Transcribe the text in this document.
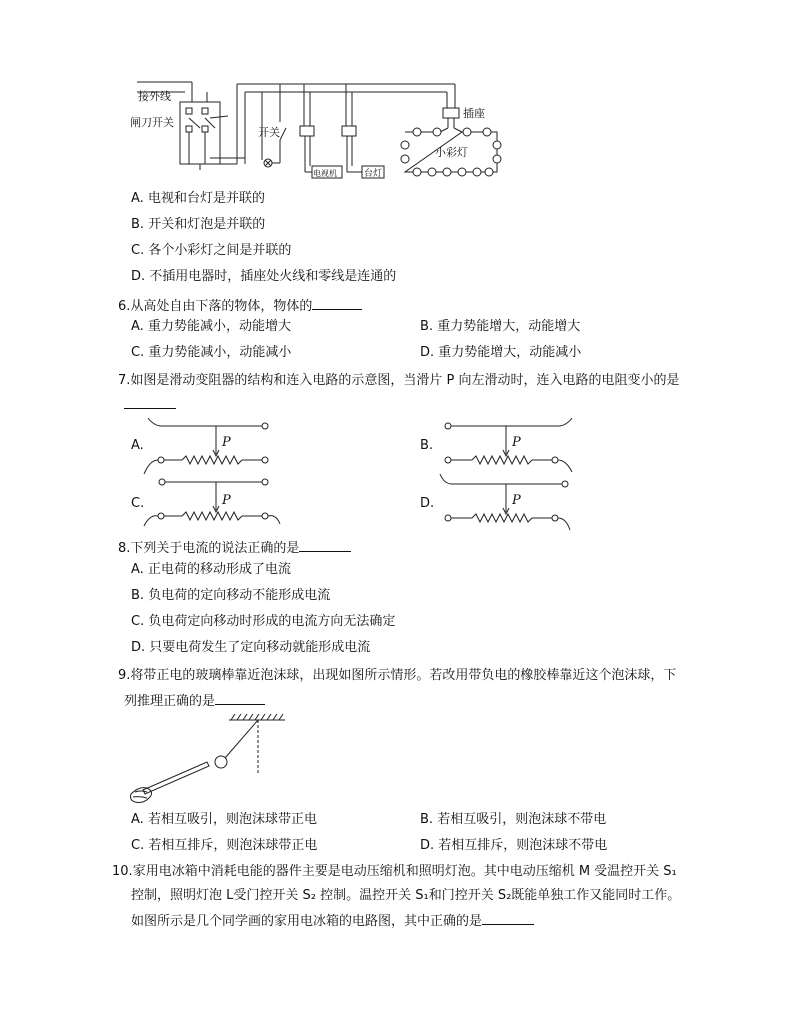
接外线
闸刀开关
开关
电视机	台灯
插座
小彩灯
A. 电视和台灯是并联的
B. 开关和灯泡是并联的
C. 各个小彩灯之间是并联的
D. 不插用电器时，插座处火线和零线是连通的
6.从高处自由下落的物体，物体的
A. 重力势能减小，动能增大	B. 重力势能增大，动能增大
C. 重力势能减小，动能减小	D. 重力势能增大，动能减小
7.如图是滑动变阻器的结构和连入电路的示意图，当滑片 P 向左滑动时，连入电路的电阻变小的是
A.	B.
C.	D.
P	P
P	P
8.下列关于电流的说法正确的是
A. 正电荷的移动形成了电流
B. 负电荷的定向移动不能形成电流
C. 负电荷定向移动时形成的电流方向无法确定
D. 只要电荷发生了定向移动就能形成电流
9.将带正电的玻璃棒靠近泡沫球，出现如图所示情形。若改用带负电的橡胶棒靠近这个泡沫球，下
列推理正确的是
A. 若相互吸引，则泡沫球带正电	B. 若相互吸引，则泡沫球不带电
C. 若相互排斥，则泡沫球带正电	D. 若相互排斥，则泡沫球不带电
10.家用电冰箱中消耗电能的器件主要是电动压缩机和照明灯泡。其中电动压缩机 M 受温控开关 S₁
控制，照明灯泡 L受门控开关 S₂ 控制。温控开关 S₁和门控开关 S₂既能单独工作又能同时工作。
如图所示是几个同学画的家用电冰箱的电路图，其中正确的是
